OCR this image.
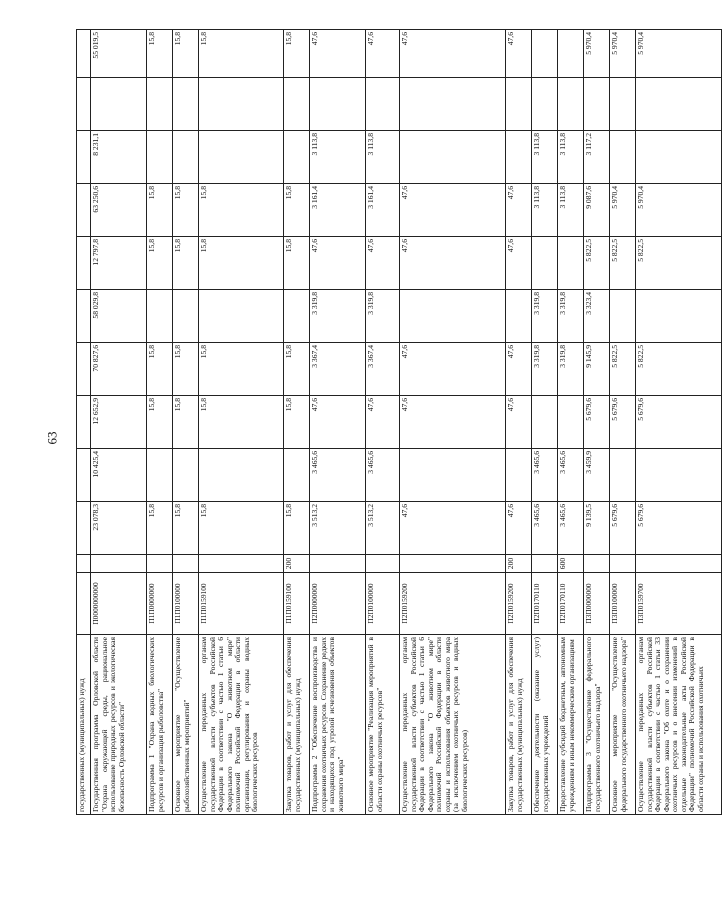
63
государственных (муниципальных) нужд												
Государственная программа Орловской области "Охрана окружающей среды, рациональное использование природных ресурсов и экологическая безопасность Орловской области"	П0000000000		23 078,3	10 425,4	12 652,9	70 827,6	58 029,8	12 797,8	63 250,6	8 231,1		55 019,5
Подпрограмма 1 "Охрана водных биологических ресурсов и организация рыболовства"	П1П0000000		15,8		15,8	15,8		15,8	15,8			15,8
Основное мероприятие "Осуществление рыбохозяйственных мероприятий"	П1П0100000		15,8		15,8	15,8		15,8	15,8			15,8
Осуществление переданных органам государственной власти субъектов Российской Федерации в соответствии с частью 1 статьи 6 Федерального закона "О животном мире" полномочий Российской Федерации в области организации, регулирования и охраны водных биологических ресурсов	П1П0159100		15,8		15,8	15,8		15,8	15,8			15,8
Закупка товаров, работ и услуг для обеспечения государственных (муниципальных) нужд	П1П0159100	200	15,8		15,8	15,8		15,8	15,8			15,8
Подпрограмма 2 "Обеспечение воспроизводства и сохранения охотничьих ресурсов. Сохранение редких и находящихся под угрозой исчезновения объектов животного мира"	П2П0000000		3 513,2	3 465,6	47,6	3 367,4	3 319,8	47,6	3 161,4	3 113,8		47,6
Основное мероприятие "Реализация мероприятий в области охраны охотничьих ресурсов"	П2П0100000		3 513,2	3 465,6	47,6	3 367,4	3 319,8	47,6	3 161,4	3 113,8		47,6
Осуществление переданных органам государственной власти субъектов Российской Федерации в соответствии с частью 1 статьи 6 Федерального закона "О животном мире" полномочий Российской Федерации в области охраны и использования объектов животного мира (за исключением охотничьих ресурсов и водных биологических ресурсов)	П2П0159200		47,6		47,6	47,6		47,6	47,6			47,6
Закупка товаров, работ и услуг для обеспечения государственных (муниципальных) нужд	П2П0159200	200	47,6		47,6	47,6		47,6	47,6			47,6
Обеспечение деятельности (оказание услуг) государственных учреждений	П2П0170110		3 465,6	3 465,6		3 319,8	3 319,8		3 113,8	3 113,8		
Предоставление субсидий бюджетным, автономным учреждениям и иным некоммерческим организациям	П2П0170110	600	3 465,6	3 465,6		3 319,8	3 319,8		3 113,8	3 113,8		
Подпрограмма 3 "Осуществление федерального государственного охотничьего надзора"	П3П0000000		9 139,5	3 459,9	5 679,6	9 145,9	3 323,4	5 822,5	9 087,6	3 117,2		5 970,4
Основное мероприятие "Осуществление федерального государственного охотничьего надзора"	П3П0100000		5 679,6		5 679,6	5 822,5		5 822,5	5 970,4			5 970,4
Осуществление переданных органам государственной власти субъектов Российской Федерации в соответствии с частью 1 статьи 33 Федерального закона "Об охоте и о сохранении охотничьих ресурсов и о внесении изменений в отдельные законодательные акты Российской Федерации" полномочий Российской Федерации в области охраны и использования охотничьих	П3П0159700		5 679,6		5 679,6	5 822,5		5 822,5	5 970,4			5 970,4
